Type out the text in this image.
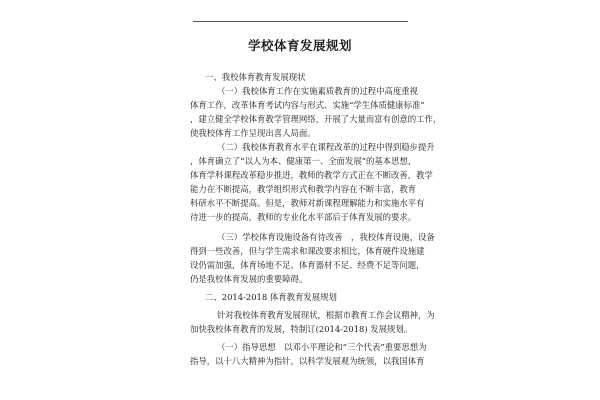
学校体育发展规划
一、我校体育教育发展现状
（一）我校体育工作在实施素质教育的过程中高度重视
体育工作，改革体育考试内容与形式、实施“学生体质健康标准”
，建立健全学校体育教学管理网络，开展了大量而富有创意的工作，
使我校体育工作呈现出喜人局面。
（二）我校体育教育水平在课程改革的过程中得到稳步提升
，体育确立了“以人为本、健康第一、全面发展”的基本思想，
体育学科课程改革稳步推进，教师的教学方式正在不断改善，教学
能力在不断提高，教学组织形式和教学内容在不断丰富，教育
科研水平不断提高。但是，教师对新课程理解能力和实施水平有
待进一步的提高，教师的专业化水平部后于体育发展的要求。
（三）学校体育设施设备有待改善　，我校体育设施，设备
得到一些改善，但与学生需求和课改要求相比，体育硬件设施建
设仍需加强，体育场地不足、体育器材不足、经费不足等问题，
仍是我校体育发展的重要障碍。
二、2014-2018 体育教育发展规划
针对我校体育教育发展现状，根据市教育工作会议精神，为
加快我校体育教育的发展，特制订(2014-2018) 发展规划。
（一）指导思想　以邓小平理论和“三个代表”重要思想为
指导，以十八大精神为指针，以科学发展观为统领，以我国体育
